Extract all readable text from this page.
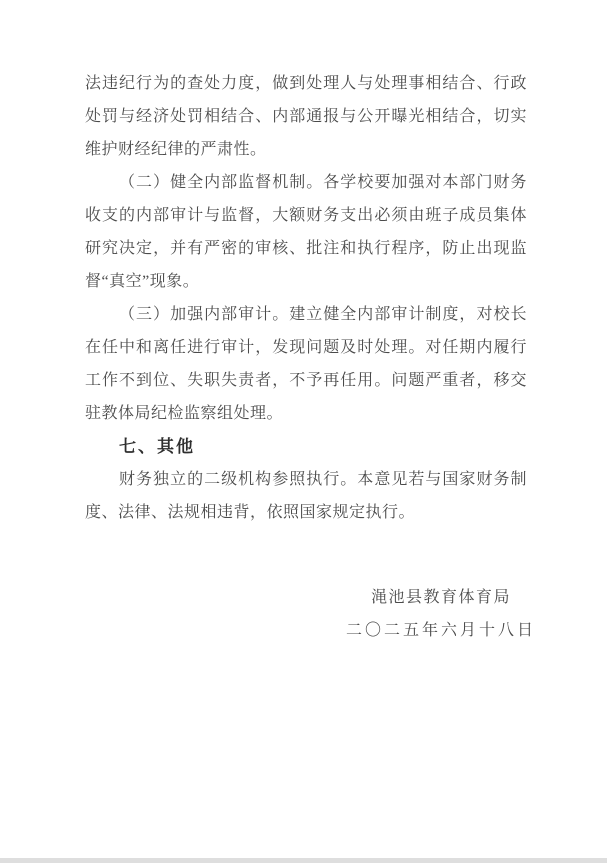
法违纪行为的查处力度，做到处理人与处理事相结合、行政
处罚与经济处罚相结合、内部通报与公开曝光相结合，切实
维护财经纪律的严肃性。
（二）健全内部监督机制。各学校要加强对本部门财务
收支的内部审计与监督，大额财务支出必须由班子成员集体
研究决定，并有严密的审核、批注和执行程序，防止出现监
督“真空”现象。
（三）加强内部审计。建立健全内部审计制度，对校长
在任中和离任进行审计，发现问题及时处理。对任期内履行
工作不到位、失职失责者，不予再任用。问题严重者，移交
驻教体局纪检监察组处理。
七、其他
财务独立的二级机构参照执行。本意见若与国家财务制
度、法律、法规相违背，依照国家规定执行。
渑池县教育体育局
二〇二五年六月十八日
